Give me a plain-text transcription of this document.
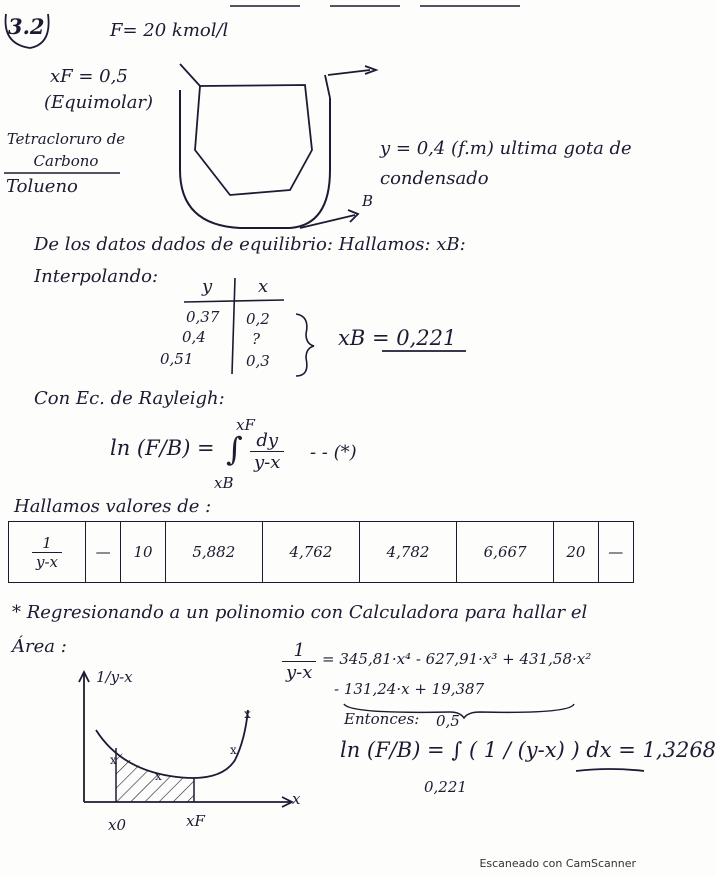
3.2	F= 20 kmol/l
xF = 0,5
(Equimolar)
Tetracloruro de Carbono
Tolueno
B
y = 0,4 (f.m) ultima gota de condensado
De los datos dados de equilibrio: Hallamos: xB:
Interpolando: y	x
0,37 0,2
0,4	?
0,51	0,3
xB = 0,221
Con Ec. de Rayleigh:
ln (F/B) =
xF
∫
xB
$\frac{dy}{y-x}$ - - (*)
Hallamos valores de :
$\frac{1}{y-x}$	—	10	5,882	4,762	4,782	6,667	20	—
* Regresionando a un polinomio con Calculadora para hallar el Área :	$\frac{1}{y-x} = 345,81\cdot x^4 - 627,91\cdot x^3 + 431,58\cdot x^2$
- 131,24·x + 19,387
Entonces: 0,5
ln (F/B) = ∫ ( 1 / (y-x) ) dx = 1,3268
0,221
x
x
x
x
1/y-x
x
x0	xF
Escaneado con CamScanner
